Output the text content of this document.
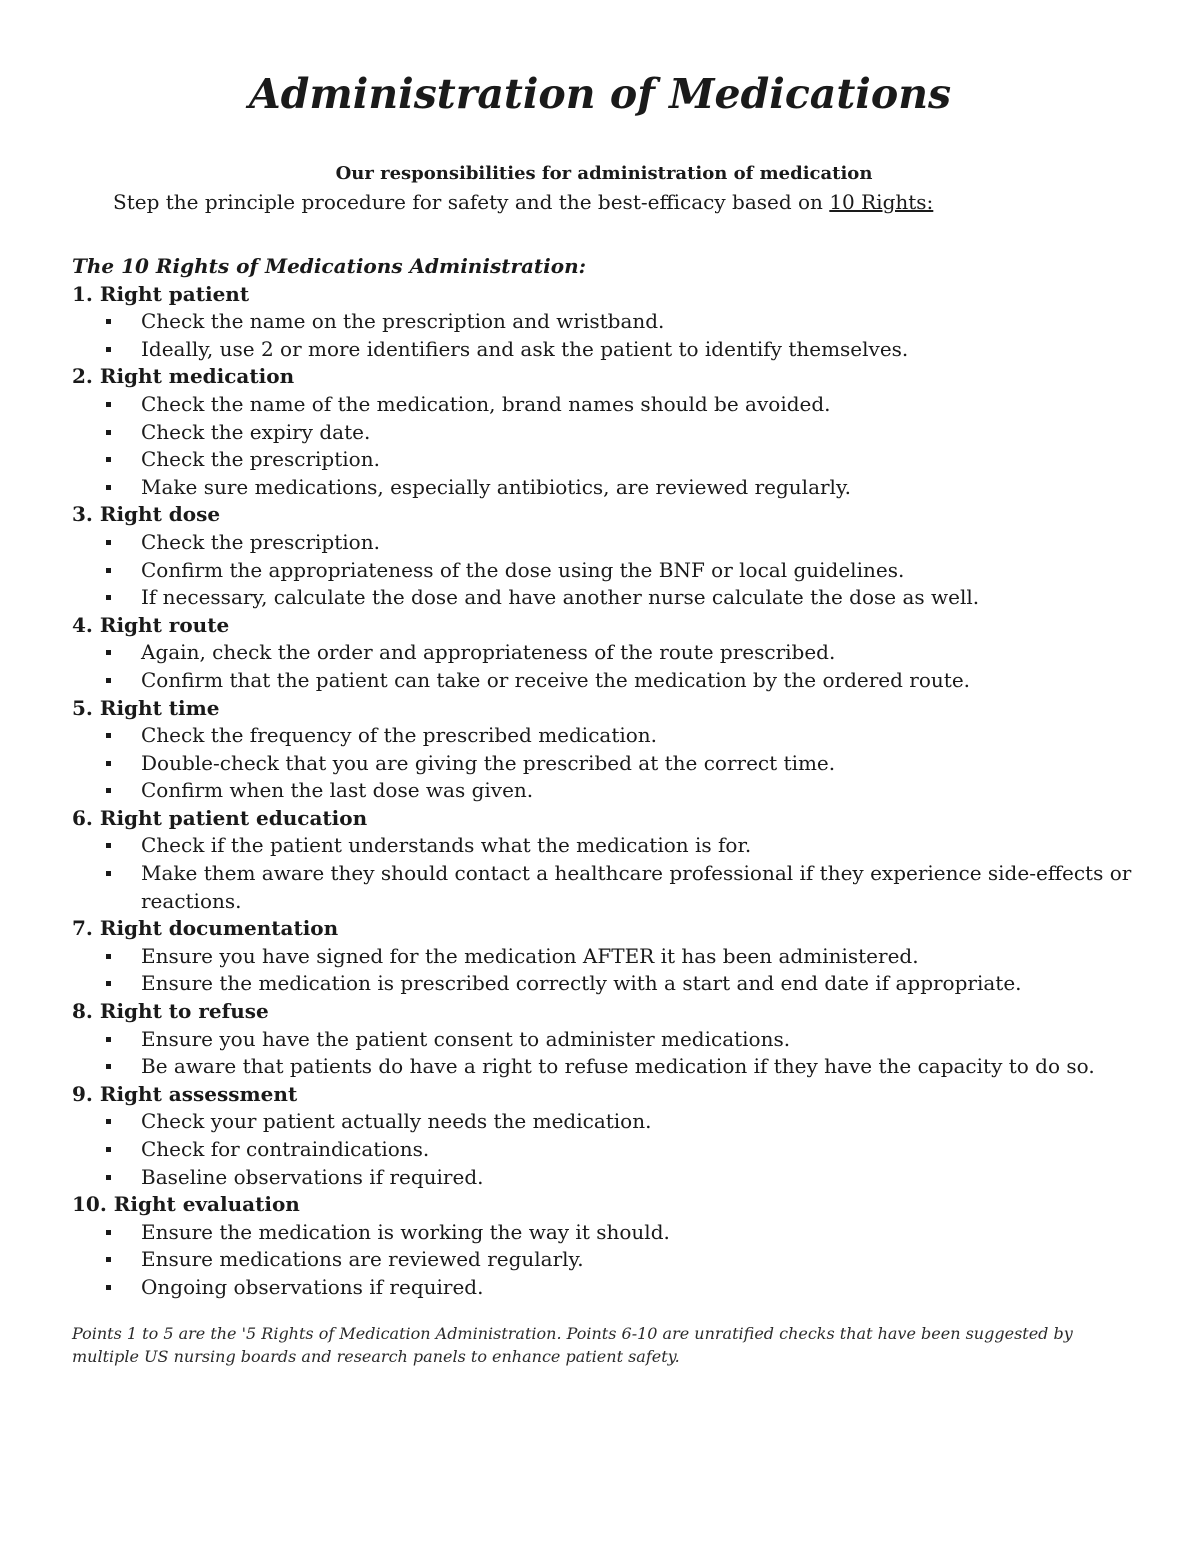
Administration of Medications

Our responsibilities for administration of medication

Step the principle procedure for safety and the best-efficacy based on 10 Rights:

The 10 Rights of Medications Administration:

1. Right patient

Check the name on the prescription and wristband.
Ideally, use 2 or more identifiers and ask the patient to identify themselves.

2. Right medication

Check the name of the medication, brand names should be avoided.
Check the expiry date.
Check the prescription.
Make sure medications, especially antibiotics, are reviewed regularly.

3. Right dose

Check the prescription.
Confirm the appropriateness of the dose using the BNF or local guidelines.
If necessary, calculate the dose and have another nurse calculate the dose as well.

4. Right route

Again, check the order and appropriateness of the route prescribed.
Confirm that the patient can take or receive the medication by the ordered route.

5. Right time

Check the frequency of the prescribed medication.
Double-check that you are giving the prescribed at the correct time.
Confirm when the last dose was given.

6. Right patient education

Check if the patient understands what the medication is for.
Make them aware they should contact a healthcare professional if they experience side-effects or reactions.

7. Right documentation

Ensure you have signed for the medication AFTER it has been administered.
Ensure the medication is prescribed correctly with a start and end date if appropriate.

8. Right to refuse

Ensure you have the patient consent to administer medications.
Be aware that patients do have a right to refuse medication if they have the capacity to do so.

9. Right assessment

Check your patient actually needs the medication.
Check for contraindications.
Baseline observations if required.

10. Right evaluation

Ensure the medication is working the way it should.
Ensure medications are reviewed regularly.
Ongoing observations if required.

Points 1 to 5 are the '5 Rights of Medication Administration. Points 6-10 are unratified checks that have been suggested by multiple US nursing boards and research panels to enhance patient safety.
